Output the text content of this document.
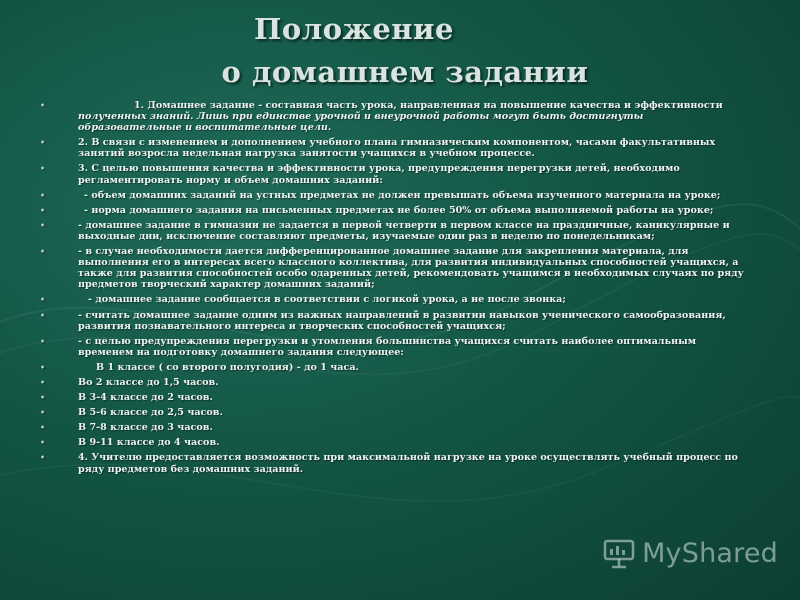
Положение
о домашнем задании
•	1. Домашнее задание - составная часть урока, направленная на повышение качества и эффективности
полученных знаний. Лишь при единстве урочной и внеурочной работы могут быть достигнуты образовательные и воспитательные цели.
•	2. В связи с изменением и дополнением учебного плана гимназическим компонентом, часами факультативных занятий возросла недельная нагрузка занятости учащихся в учебном процессе.
•	3. С целью повышения качества и эффективности урока, предупреждения перегрузки детей, необходимо регламентировать норму и объем домашних заданий:
•	- объем домашних заданий на устных предметах не должен превышать объема изученного материала на уроке;
•	- норма домашнего задания на письменных предметах не более 50% от объема выполняемой работы на уроке;
•	- домашнее задание в гимназии не задается в первой четверти в первом классе на праздничные, каникулярные и выходные дни, исключение составляют предметы, изучаемые один раз в неделю по понедельникам;
•	- в случае необходимости дается дифференцированное домашнее задание для закрепления материала, для выполнения его в интересах всего классного коллектива, для развития индивидуальных способностей учащихся, а также для развития способностей особо одаренных детей, рекомендовать учащимся в необходимых случаях по ряду предметов творческий характер домашних заданий;
•	- домашнее задание сообщается в соответствии с логикой урока, а не после звонка;
•	- считать домашнее задание одним из важных направлений в развитии навыков ученического самообразования, развития познавательного интереса и творческих способностей учащихся;
•	- с целью предупреждения перегрузки и утомления большинства учащихся считать наиболее оптимальным временем на подготовку домашнего задания следующее:
•	В 1 классе ( со второго полугодия) - до 1 часа.
•	Во 2 классе до 1,5 часов.
•	В 3-4 классе до 2 часов.
•	В 5-6 классе до 2,5 часов.
•	В 7-8 классе до 3 часов.
•	В 9-11 классе до 4 часов.
•	4. Учителю предоставляется возможность при максимальной нагрузке на уроке осуществлять учебный процесс по ряду предметов без домашних заданий.
MyShared
